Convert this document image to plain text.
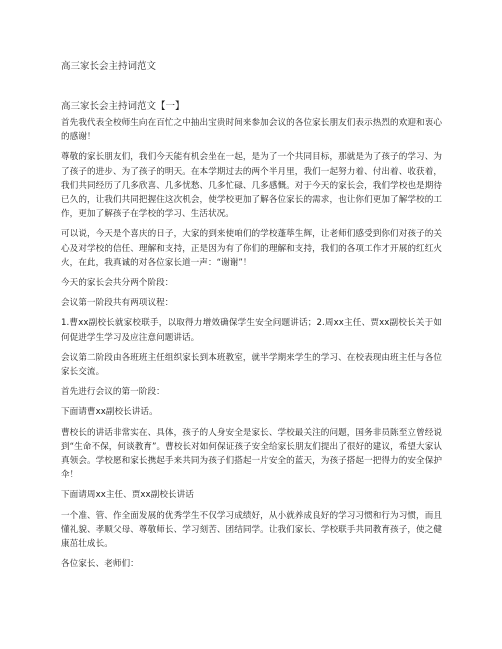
高三家长会主持词范文
高三家长会主持词范文【一】

首先我代表全校师生向在百忙之中抽出宝贵时间来参加会议的各位家长朋友们表示热烈的欢迎和衷心的感谢！

尊敬的家长朋友们，我们今天能有机会坐在一起，是为了一个共同目标，那就是为了孩子的学习、为了孩子的进步、为了孩子的明天。在本学期过去的两个半月里，我们一起努力着、付出着、收获着，我们共同经历了几多欣喜、几多忧愁、几多忙碌、几多感慨。对于今天的家长会，我们学校也是期待已久的，让我们共同把握住这次机会，使学校更加了解各位家长的需求，也让你们更加了解学校的工作，更加了解孩子在学校的学习、生活状况。

可以说，今天是个喜庆的日子，大家的到来使咱们的学校蓬荜生辉，让老师们感受到你们对孩子的关心及对学校的信任、理解和支持，正是因为有了你们的理解和支持，我们的各项工作才开展的红红火火，在此，我真诚的对各位家长道一声：“谢谢”！

今天的家长会共分两个阶段：

会议第一阶段共有两项议程：

1.曹xx副校长就家校联手，以取得力增效确保学生安全问题讲话；2.周xx主任、贾xx副校长关于如何促进学生学习及应注意问题讲话。

会议第二阶段由各班班主任组织家长到本班教室，就半学期来学生的学习、在校表现由班主任与各位家长交流。

首先进行会议的第一阶段：

下面请曹xx副校长讲话。

曹校长的讲话非常实在、具体，孩子的人身安全是家长、学校最关注的问题，国务非员陈至立曾经说到“生命不保，何谈教育”。曹校长对如何保证孩子安全给家长朋友们提出了很好的建议，希望大家认真领会。学校愿和家长携起手来共同为孩子们搭起一片安全的蓝天，为孩子搭起一把得力的安全保护伞！

下面请周xx主任、贾xx副校长讲话

一个准、管、作全面发展的优秀学生不仅学习成绩好，从小就养成良好的学习习惯和行为习惯，而且懂礼貌、孝顺父母、尊敬师长、学习刻苦、团结同学。让我们家长、学校联手共同教育孩子，使之健康茁壮成长。

各位家长、老师们：
